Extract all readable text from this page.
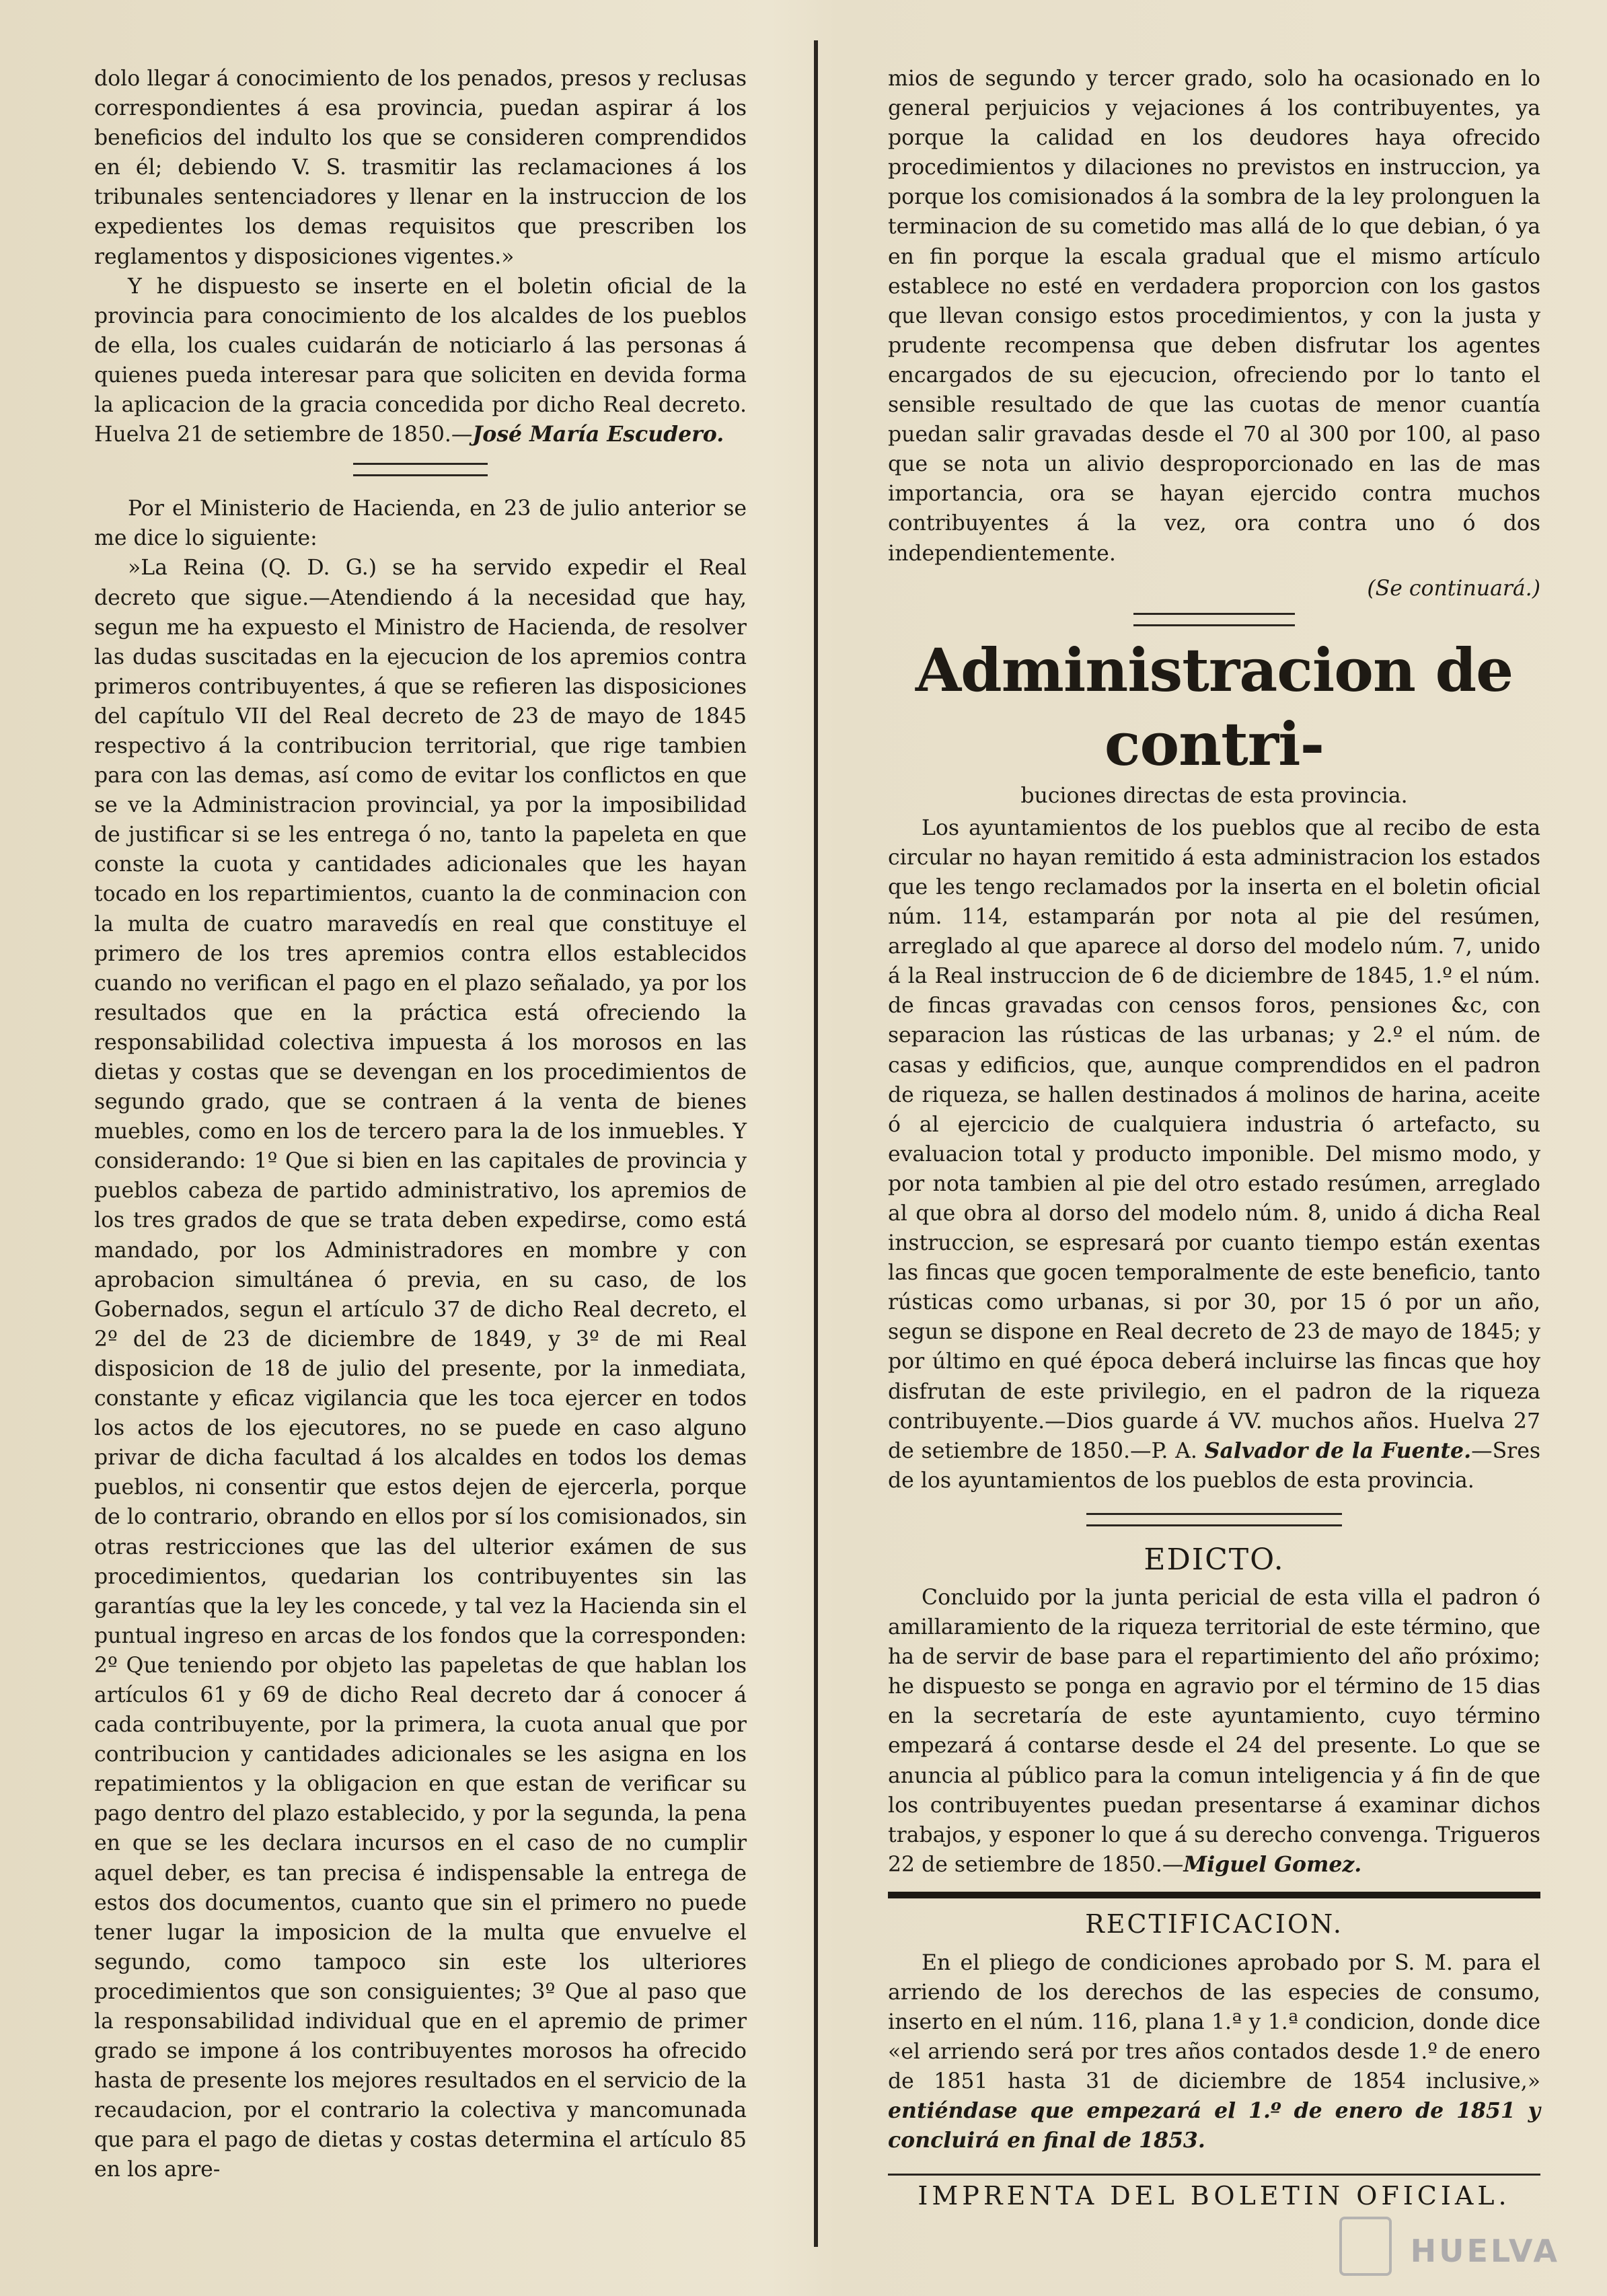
dolo llegar á conocimiento de los penados, presos y reclusas correspondientes á esa provincia, puedan aspirar á los beneficios del indulto los que se consideren comprendidos en él; debiendo V. S. trasmitir las reclamaciones á los tribunales sentenciadores y llenar en la instruccion de los expedientes los demas requisitos que prescriben los reglamentos y disposiciones vigentes.»

Y he dispuesto se inserte en el boletin oficial de la provincia para conocimiento de los alcaldes de los pueblos de ella, los cuales cuidarán de noticiarlo á las personas á quienes pueda interesar para que soliciten en devida forma la aplicacion de la gracia concedida por dicho Real decreto. Huelva 21 de setiembre de 1850.—José María Escudero.

Por el Ministerio de Hacienda, en 23 de julio anterior se me dice lo siguiente:

»La Reina (Q. D. G.) se ha servido expedir el Real decreto que sigue.—Atendiendo á la necesidad que hay, segun me ha expuesto el Ministro de Hacienda, de resolver las dudas suscitadas en la ejecucion de los apremios contra primeros contribuyentes, á que se refieren las disposiciones del capítulo VII del Real decreto de 23 de mayo de 1845 respectivo á la contribucion territorial, que rige tambien para con las demas, así como de evitar los conflictos en que se ve la Administracion provincial, ya por la imposibilidad de justificar si se les entrega ó no, tanto la papeleta en que conste la cuota y cantidades adicionales que les hayan tocado en los repartimientos, cuanto la de conminacion con la multa de cuatro maravedís en real que constituye el primero de los tres apremios contra ellos establecidos cuando no verifican el pago en el plazo señalado, ya por los resultados que en la práctica está ofreciendo la responsabilidad colectiva impuesta á los morosos en las dietas y costas que se devengan en los procedimientos de segundo grado, que se contraen á la venta de bienes muebles, como en los de tercero para la de los inmuebles. Y considerando: 1º Que si bien en las capitales de provincia y pueblos cabeza de partido administrativo, los apremios de los tres grados de que se trata deben expedirse, como está mandado, por los Administradores en mombre y con aprobacion simultánea ó previa, en su caso, de los Gobernados, segun el artículo 37 de dicho Real decreto, el 2º del de 23 de diciembre de 1849, y 3º de mi Real disposicion de 18 de julio del presente, por la inmediata, constante y eficaz vigilancia que les toca ejercer en todos los actos de los ejecutores, no se puede en caso alguno privar de dicha facultad á los alcaldes en todos los demas pueblos, ni consentir que estos dejen de ejercerla, porque de lo contrario, obrando en ellos por sí los comisionados, sin otras restricciones que las del ulterior exámen de sus procedimientos, quedarian los contribuyentes sin las garantías que la ley les concede, y tal vez la Hacienda sin el puntual ingreso en arcas de los fondos que la corresponden: 2º Que teniendo por objeto las papeletas de que hablan los artículos 61 y 69 de dicho Real decreto dar á conocer á cada contribuyente, por la primera, la cuota anual que por contribucion y cantidades adicionales se les asigna en los repatimientos y la obligacion en que estan de verificar su pago dentro del plazo establecido, y por la segunda, la pena en que se les declara incursos en el caso de no cumplir aquel deber, es tan precisa é indispensable la entrega de estos dos documentos, cuanto que sin el primero no puede tener lugar la imposicion de la multa que envuelve el segundo, como tampoco sin este los ulteriores procedimientos que son consiguientes; 3º Que al paso que la responsabilidad individual que en el apremio de primer grado se impone á los contribuyentes morosos ha ofrecido hasta de presente los mejores resultados en el servicio de la recaudacion, por el contrario la colectiva y mancomunada que para el pago de dietas y costas determina el artículo 85 en los apre-

mios de segundo y tercer grado, solo ha ocasionado en lo general perjuicios y vejaciones á los contribuyentes, ya porque la calidad en los deudores haya ofrecido procedimientos y dilaciones no previstos en instruccion, ya porque los comisionados á la sombra de la ley prolonguen la terminacion de su cometido mas allá de lo que debian, ó ya en fin porque la escala gradual que el mismo artículo establece no esté en verdadera proporcion con los gastos que llevan consigo estos procedimientos, y con la justa y prudente recompensa que deben disfrutar los agentes encargados de su ejecucion, ofreciendo por lo tanto el sensible resultado de que las cuotas de menor cuantía puedan salir gravadas desde el 70 al 300 por 100, al paso que se nota un alivio desproporcionado en las de mas importancia, ora se hayan ejercido contra muchos contribuyentes á la vez, ora contra uno ó dos independientemente.

(Se continuará.)

Administracion de contri-
buciones directas de esta provincia.

Los ayuntamientos de los pueblos que al recibo de esta circular no hayan remitido á esta administracion los estados que les tengo reclamados por la inserta en el boletin oficial núm. 114, estamparán por nota al pie del resúmen, arreglado al que aparece al dorso del modelo núm. 7, unido á la Real instruccion de 6 de diciembre de 1845, 1.º el núm. de fincas gravadas con censos foros, pensiones &c, con separacion las rústicas de las urbanas; y 2.º el núm. de casas y edificios, que, aunque comprendidos en el padron de riqueza, se hallen destinados á molinos de harina, aceite ó al ejercicio de cualquiera industria ó artefacto, su evaluacion total y producto imponible. Del mismo modo, y por nota tambien al pie del otro estado resúmen, arreglado al que obra al dorso del modelo núm. 8, unido á dicha Real instruccion, se espresará por cuanto tiempo están exentas las fincas que gocen temporalmente de este beneficio, tanto rústicas como urbanas, si por 30, por 15 ó por un año, segun se dispone en Real decreto de 23 de mayo de 1845; y por último en qué época deberá incluirse las fincas que hoy disfrutan de este privilegio, en el padron de la riqueza contribuyente.—Dios guarde á VV. muchos años. Huelva 27 de setiembre de 1850.—P. A. Salvador de la Fuente.—Sres de los ayuntamientos de los pueblos de esta provincia.

EDICTO.

Concluido por la junta pericial de esta villa el padron ó amillaramiento de la riqueza territorial de este término, que ha de servir de base para el repartimiento del año próximo; he dispuesto se ponga en agravio por el término de 15 dias en la secretaría de este ayuntamiento, cuyo término empezará á contarse desde el 24 del presente. Lo que se anuncia al público para la comun inteligencia y á fin de que los contribuyentes puedan presentarse á examinar dichos trabajos, y esponer lo que á su derecho convenga. Trigueros 22 de setiembre de 1850.—Miguel Gomez.

RECTIFICACION.

En el pliego de condiciones aprobado por S. M. para el arriendo de los derechos de las especies de consumo, inserto en el núm. 116, plana 1.ª y 1.ª condicion, donde dice «el arriendo será por tres años contados desde 1.º de enero de 1851 hasta 31 de diciembre de 1854 inclusive,» entiéndase que empezará el 1.º de enero de 1851 y concluirá en final de 1853.

IMPRENTA DEL BOLETIN OFICIAL.
HUELVA
